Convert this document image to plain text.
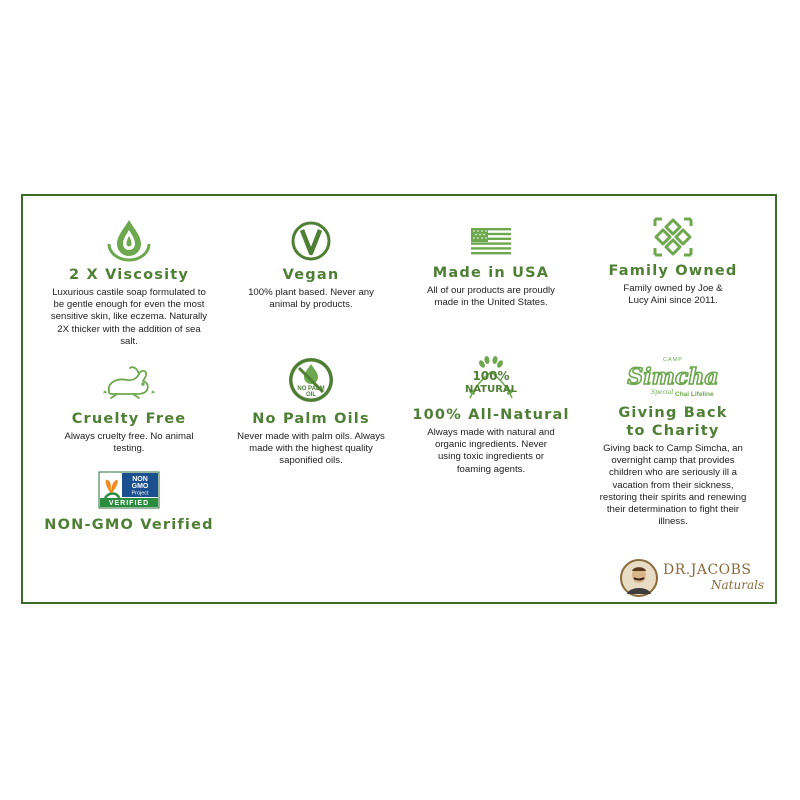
2 X Viscosity

Luxurious castile soap formulated to be gentle enough for even the most sensitive skin, like eczema. Naturally 2X thicker with the addition of sea salt.

Vegan

100% plant based. Never any animal by products.

Made in USA

All of our products are proudly made in the United States.

Family Owned

Family owned by Joe & Lucy Aini since 2011.

Cruelty Free

Always cruelty free. No animal testing.

NO PALM
OIL

No Palm Oils

Never made with palm oils. Always made with the highest quality saponified oils.

100%
NATURAL

100% All-Natural

Always made with natural and organic ingredients. Never using toxic ingredients or foaming agents.

CAMP
Simcha
Special Chai Lifeline

Giving Back to Charity

Giving back to Camp Simcha, an overnight camp that provides children who are seriously ill a vacation from their sickness, restoring their spirits and renewing their determination to fight their illness.

NON
GMO
Project
VERIFIED

NON-GMO Verified

DR.JACOBS
Naturals
